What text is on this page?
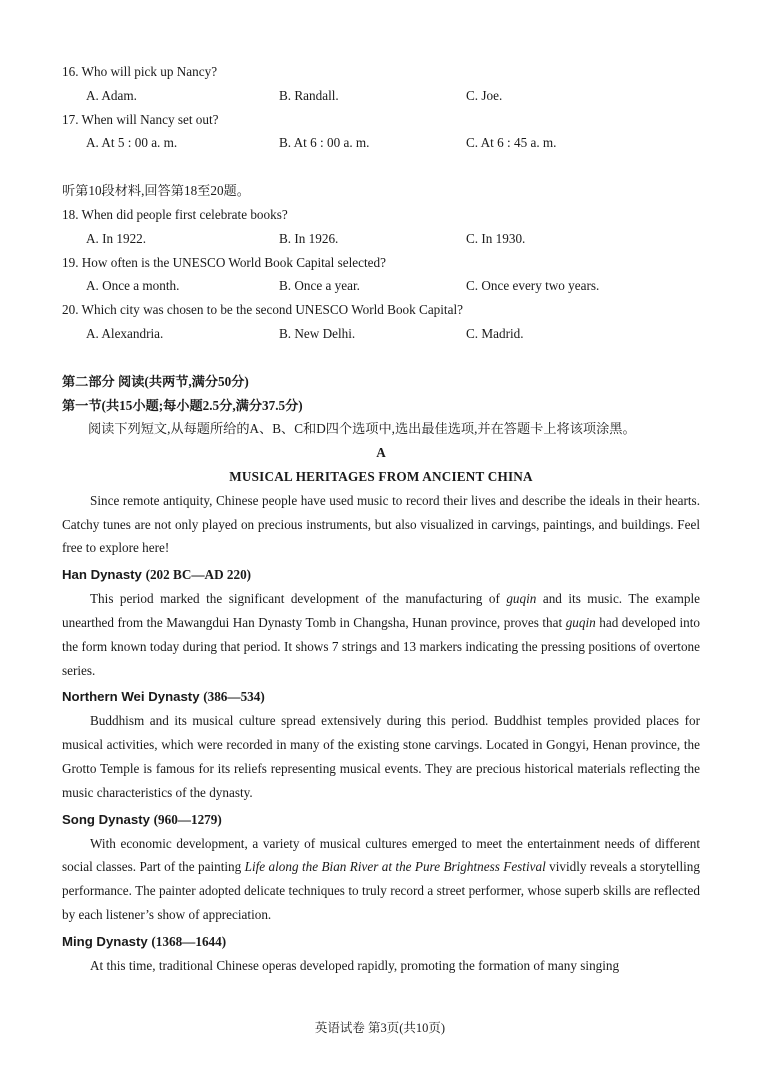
16. Who will pick up Nancy?
A. Adam.	B. Randall.	C. Joe.
17. When will Nancy set out?
A. At 5 : 00 a. m.	B. At 6 : 00 a. m.	C. At 6 : 45 a. m.
听第10段材料,回答第18至20题。
18. When did people first celebrate books?
A. In 1922.	B. In 1926.	C. In 1930.
19. How often is the UNESCO World Book Capital selected?
A. Once a month.	B. Once a year.	C. Once every two years.
20. Which city was chosen to be the second UNESCO World Book Capital?
A. Alexandria.	B. New Delhi.	C. Madrid.
第二部分 阅读(共两节,满分50分)
第一节(共15小题;每小题2.5分,满分37.5分)

阅读下列短文,从每题所给的A、B、C和D四个选项中,选出最佳选项,并在答题卡上将该项涂黑。

A
MUSICAL HERITAGES FROM ANCIENT CHINA

Since remote antiquity, Chinese people have used music to record their lives and describe the ideals in their hearts. Catchy tunes are not only played on precious instruments, but also visualized in carvings, paintings, and buildings. Feel free to explore here!

Han Dynasty (202 BC—AD 220)

This period marked the significant development of the manufacturing of guqin and its music. The example unearthed from the Mawangdui Han Dynasty Tomb in Changsha, Hunan province, proves that guqin had developed into the form known today during that period. It shows 7 strings and 13 markers indicating the pressing positions of overtone series.

Northern Wei Dynasty (386—534)

Buddhism and its musical culture spread extensively during this period. Buddhist temples provided places for musical activities, which were recorded in many of the existing stone carvings. Located in Gongyi, Henan province, the Grotto Temple is famous for its reliefs representing musical events. They are precious historical materials reflecting the music characteristics of the dynasty.

Song Dynasty (960—1279)

With economic development, a variety of musical cultures emerged to meet the entertainment needs of different social classes. Part of the painting Life along the Bian River at the Pure Brightness Festival vividly reveals a storytelling performance. The painter adopted delicate techniques to truly record a street performer, whose superb skills are reflected by each listener’s show of appreciation.

Ming Dynasty (1368—1644)

At this time, traditional Chinese operas developed rapidly, promoting the formation of many singing

英语试卷 第3页(共10页)
